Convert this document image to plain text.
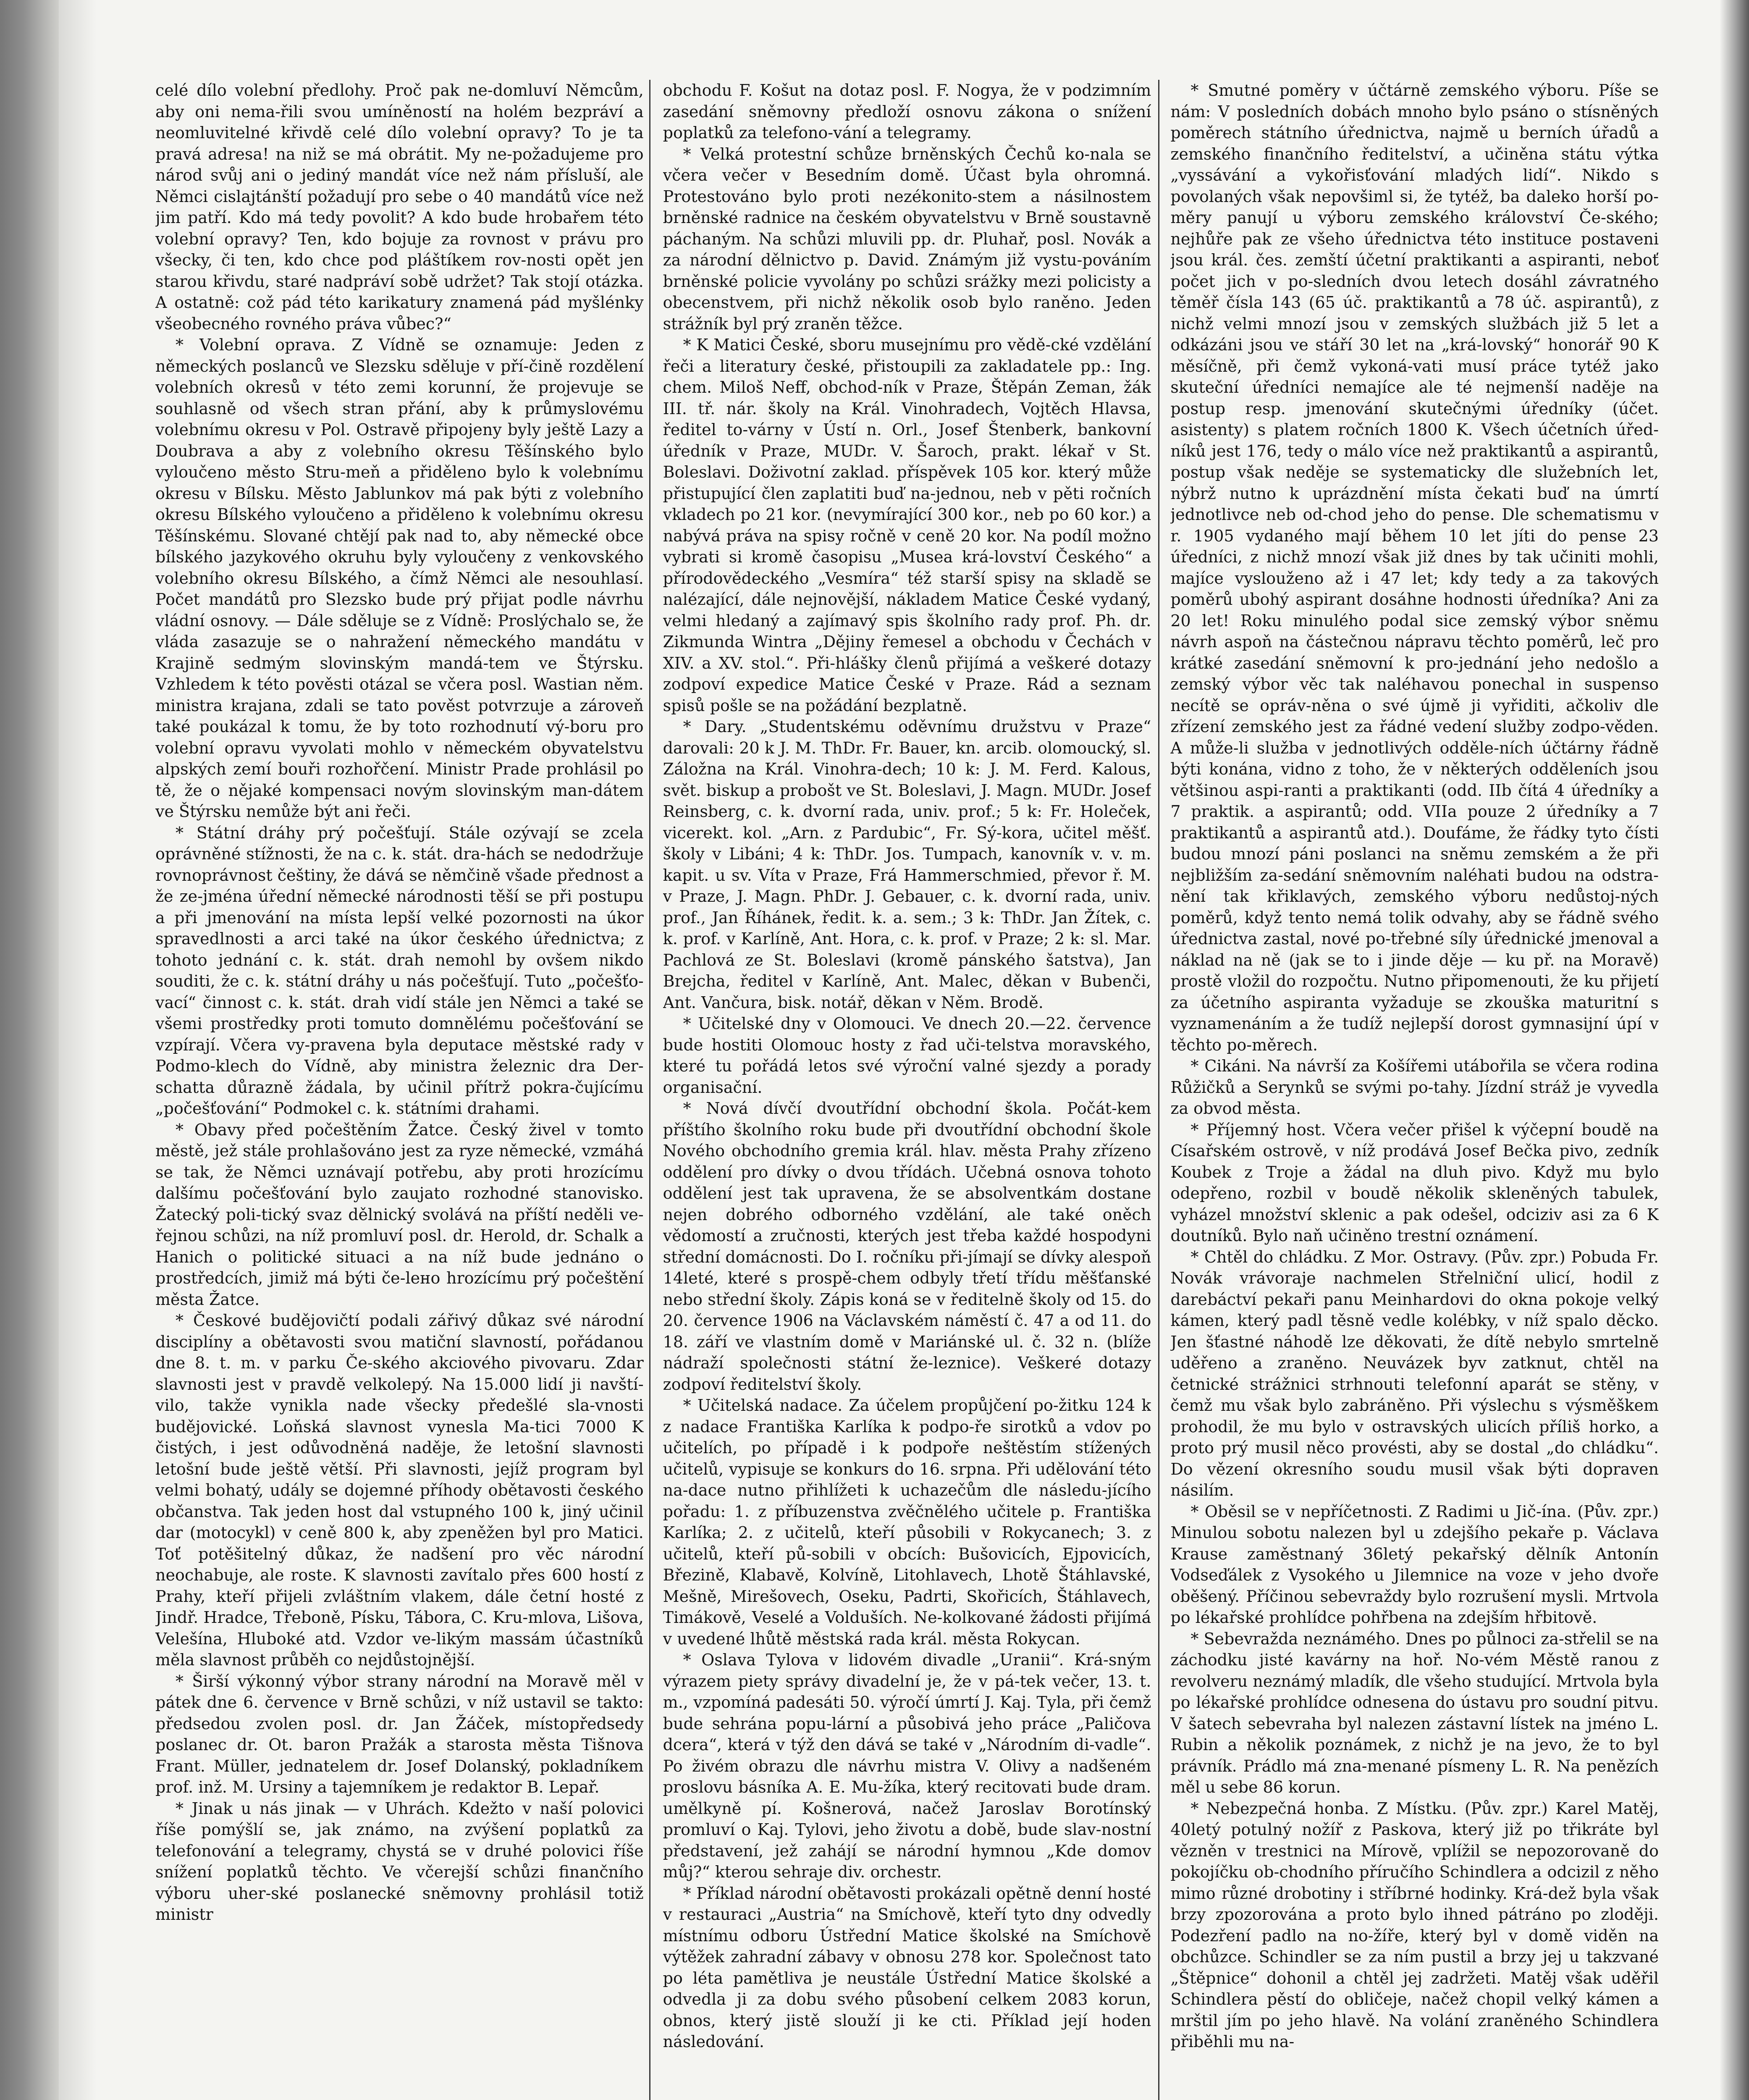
celé dílo volební předlohy. Proč pak ne-domluví Němcům, aby oni nema-řili svou umíněností na holém bezpráví a neomluvitelné křivdě celé dílo volební opravy? To je ta pravá adresa! na niž se má obrátit. My ne-požadujeme pro národ svůj ani o jediný mandát více než nám přísluší, ale Němci cislajtánští požadují pro sebe o 40 mandátů více než jim patří. Kdo má tedy povolit? A kdo bude hrobařem této volební opravy? Ten, kdo bojuje za rovnost v právu pro všecky, či ten, kdo chce pod pláštíkem rov-nosti opět jen starou křivdu, staré nadpráví sobě udržet? Tak stojí otázka. A ostatně: což pád této karikatury znamená pád myšlénky všeobecného rovného práva vůbec?“

* Volební oprava. Z Vídně se oznamuje: Jeden z německých poslanců ve Slezsku sděluje v pří-čině rozdělení volebních okresů v této zemi korunní, že projevuje se souhlasně od všech stran přání, aby k průmyslovému volebnímu okresu v Pol. Ostravě připojeny byly ještě Lazy a Doubrava a aby z volebního okresu Těšínského bylo vyloučeno město Stru-meň a přiděleno bylo k volebnímu okresu v Bílsku. Město Jablunkov má pak býti z volebního okresu Bílského vyloučeno a přiděleno k volebnímu okresu Těšínskému. Slované chtějí pak nad to, aby německé obce bílského jazykového okruhu byly vyloučeny z venkovského volebního okresu Bílského, a čímž Němci ale nesouhlasí. Počet mandátů pro Slezsko bude prý přijat podle návrhu vládní osnovy. — Dále sděluje se z Vídně: Proslýchalo se, že vláda zasazuje se o nahražení německého mandátu v Krajině sedmým slovinským mandá-tem ve Štýrsku. Vzhledem k této pověsti otázal se včera posl. Wastian něm. ministra krajana, zdali se tato pověst potvrzuje a zároveň také poukázal k tomu, že by toto rozhodnutí vý-boru pro volební opravu vyvolati mohlo v německém obyvatelstvu alpských zemí bouři rozhořčení. Ministr Prade prohlásil po tě, že o nějaké kompensaci novým slovinským man-dátem ve Štýrsku nemůže být ani řeči.

* Státní dráhy prý počešťují. Stále ozývají se zcela oprávněné stížnosti, že na c. k. stát. dra-hách se nedodržuje rovnoprávnost češtiny, že dává se němčině všade přednost a že ze-jména úřední německé národnosti těší se při postupu a při jmenování na místa lepší velké pozornosti na úkor spravedlnosti a arci také na úkor českého úřednictva; z tohoto jednání c. k. stát. drah nemohl by ovšem nikdo souditi, že c. k. státní dráhy u nás počešťují. Tuto „počešťo-vací“ činnost c. k. stát. drah vidí stále jen Němci a také se všemi prostředky proti tomuto domnělému počešťování se vzpírají. Včera vy-pravena byla deputace městské rady v Podmo-klech do Vídně, aby ministra železnic dra Der-schatta důrazně žádala, by učinil přítrž pokra-čujícímu „počešťování“ Podmokel c. k. státními drahami.

* Obavy před počeštěním Žatce. Český živel v tomto městě, jež stále prohlašováno jest za ryze německé, vzmáhá se tak, že Němci uznávají potřebu, aby proti hrozícímu dalšímu počešťování bylo zaujato rozhodné stanovisko. Žatecký poli-tický svaz dělnický svolává na příští neděli ve-řejnou schůzi, na níž promluví posl. dr. Herold, dr. Schalk a Hanich o politické situaci a na níž bude jednáno o prostředcích, jimiž má býti če-lено hrozícímu prý počeštění města Žatce.

* Českové budějovičtí podali zářivý důkaz své národní disciplíny a obětavosti svou matiční slavností, pořádanou dne 8. t. m. v parku Če-ského akciového pivovaru. Zdar slavnosti jest v pravdě velkolepý. Na 15.000 lidí ji navští-vilo, takže vynikla nade všecky předešlé sla-vnosti budějovické. Loňská slavnost vynesla Ma-tici 7000 K čistých, i jest odůvodněná naděje, že letošní slavnosti letošní bude ještě větší. Při slavnosti, jejíž program byl velmi bohatý, udály se dojemné příhody obětavosti českého občanstva. Tak jeden host dal vstupného 100 k, jiný učinil dar (motocykl) v ceně 800 k, aby zpeněžen byl pro Matici. Toť potěšitelný důkaz, že nadšení pro věc národní neochabuje, ale roste. K slavnosti zavítalo přes 600 hostí z Prahy, kteří přijeli zvláštním vlakem, dále četní hosté z Jindř. Hradce, Třeboně, Písku, Tábora, C. Kru-mlova, Lišova, Velešína, Hluboké atd. Vzdor ve-likým massám účastníků měla slavnost průběh co nejdůstojnější.

* Širší výkonný výbor strany národní na Moravě měl v pátek dne 6. července v Brně schůzi, v níž ustavil se takto: předsedou zvolen posl. dr. Jan Žáček, místopředsedy poslanec dr. Ot. baron Pražák a starosta města Tišnova Frant. Müller, jednatelem dr. Josef Dolanský, pokladníkem prof. inž. M. Ursiny a tajemníkem je redaktor B. Lepař.

* Jinak u nás jinak — v Uhrách. Kdežto v naší polovici říše pomýšlí se, jak známo, na zvýšení poplatků za telefonování a telegramy, chystá se v druhé polovici říše snížení poplatků těchto. Ve včerejší schůzi finančního výboru uher-ské poslanecké sněmovny prohlásil totiž ministr

obchodu F. Košut na dotaz posl. F. Nogya, že v podzimním zasedání sněmovny předloží osnovu zákona o snížení poplatků za telefono-vání a telegramy.

* Velká protestní schůze brněnských Čechů ko-nala se včera večer v Besedním domě. Účast byla ohromná. Protestováno bylo proti nezékonito-stem a násilnostem brněnské radnice na českém obyvatelstvu v Brně soustavně páchaným. Na schůzi mluvili pp. dr. Pluhař, posl. Novák a za národní dělnictvo p. David. Známým již vystu-pováním brněnské policie vyvolány po schůzi srážky mezi policisty a obecenstvem, při nichž několik osob bylo raněno. Jeden strážník byl prý zraněn těžce.

* K Matici České, sboru musejnímu pro vědě-cké vzdělání řeči a literatury české, přistoupili za zakladatele pp.: Ing. chem. Miloš Neff, obchod-ník v Praze, Štěpán Zeman, žák III. tř. nár. školy na Král. Vinohradech, Vojtěch Hlavsa, ředitel to-várny v Ústí n. Orl., Josef Štenberk, bankovní úředník v Praze, MUDr. V. Šaroch, prakt. lékař v St. Boleslavi. Doživotní zaklad. příspěvek 105 kor. který může přistupující člen zaplatiti buď na-jednou, neb v pěti ročních vkladech po 21 kor. (nevymírající 300 kor., neb po 60 kor.) a nabývá práva na spisy ročně v ceně 20 kor. Na podíl možno vybrati si kromě časopisu „Musea krá-lovství Českého“ a přírodovědeckého „Vesmíra“ též starší spisy na skladě se nalézající, dále nejnovější, nákladem Matice České vydaný, velmi hledaný a zajímavý spis školního rady prof. Ph. dr. Zikmunda Wintra „Dějiny řemesel a obchodu v Čechách v XIV. a XV. stol.“. Při-hlášky členů přijímá a veškeré dotazy zodpoví expedice Matice České v Praze. Rád a seznam spisů pošle se na požádání bezplatně.

* Dary. „Studentskému oděvnímu družstvu v Praze“ darovali: 20 k J. M. ThDr. Fr. Bauer, kn. arcib. olomoucký, sl. Záložna na Král. Vinohra-dech; 10 k: J. M. Ferd. Kalous, svět. biskup a probošt ve St. Boleslavi, J. Magn. MUDr. Josef Reinsberg, c. k. dvorní rada, univ. prof.; 5 k: Fr. Holeček, vicerekt. kol. „Arn. z Pardubic“, Fr. Sý-kora, učitel měšť. školy v Libáni; 4 k: ThDr. Jos. Tumpach, kanovník v. v. m. kapit. u sv. Víta v Praze, Frá Hammerschmied, převor ř. M. v Praze, J. Magn. PhDr. J. Gebauer, c. k. dvorní rada, univ. prof., Jan Říhánek, ředit. k. a. sem.; 3 k: ThDr. Jan Žítek, c. k. prof. v Karlíně, Ant. Hora, c. k. prof. v Praze; 2 k: sl. Mar. Pachlová ze St. Boleslavi (kromě pánského šatstva), Jan Brejcha, ředitel v Karlíně, Ant. Malec, děkan v Bubenči, Ant. Vančura, bisk. notář, děkan v Něm. Brodě.

* Učitelské dny v Olomouci. Ve dnech 20.—22. července bude hostiti Olomouc hosty z řad uči-telstva moravského, které tu pořádá letos své výroční valné sjezdy a porady organisační.

* Nová dívčí dvoutřídní obchodní škola. Počát-kem příštího školního roku bude při dvoutřídní obchodní škole Nového obchodního gremia král. hlav. města Prahy zřízeno oddělení pro dívky o dvou třídách. Učebná osnova tohoto oddělení jest tak upravena, že se absolventkám dostane nejen dobrého odborného vzdělání, ale také oněch vědomostí a zručnosti, kterých jest třeba každé hospodyni střední domácnosti. Do I. ročníku při-jímají se dívky alespoň 14leté, které s prospě-chem odbyly třetí třídu měšťanské nebo střední školy. Zápis koná se v ředitelně školy od 15. do 20. července 1906 na Václavském náměstí č. 47 a od 11. do 18. září ve vlastním domě v Mariánské ul. č. 32 n. (blíže nádraží společnosti státní že-leznice). Veškeré dotazy zodpoví ředitelství školy.

* Učitelská nadace. Za účelem propůjčení po-žitku 124 k z nadace Františka Karlíka k podpo-ře sirotků a vdov po učitelích, po případě i k podpoře neštěstím stížených učitelů, vypisuje se konkurs do 16. srpna. Při udělování této na-dace nutno přihlížeti k uchazečům dle následu-jícího pořadu: 1. z příbuzenstva zvěčnělého učitele p. Františka Karlíka; 2. z učitelů, kteří působili v Rokycanech; 3. z učitelů, kteří pů-sobili v obcích: Bušovicích, Ejpovicích, Březině, Klabavě, Kolvíně, Litohlavech, Lhotě Štáhlavské, Mešně, Mirešovech, Oseku, Padrti, Skořicích, Štáhlavech, Timákově, Veselé a Volduších. Ne-kolkované žádosti přijímá v uvedené lhůtě městská rada král. města Rokycan.

* Oslava Tylova v lidovém divadle „Uranii“. Krá-sným výrazem piety správy divadelní je, že v pá-tek večer, 13. t. m., vzpomíná padesáti 50. výročí úmrtí J. Kaj. Tyla, při čemž bude sehrána popu-lární a působivá jeho práce „Paličova dcera“, která v týž den dává se také v „Národním di-vadle“. Po živém obrazu dle návrhu mistra V. Olivy a nadšeném proslovu básníka A. E. Mu-žíka, který recitovati bude dram. umělkyně pí. Košnerová, načež Jaroslav Borotínský promluví o Kaj. Tylovi, jeho životu a době, bude slav-nostní představení, jež zahájí se národní hymnou „Kde domov můj?“ kterou sehraje div. orchestr.

* Příklad národní obětavosti prokázali opětně denní hosté v restauraci „Austria“ na Smíchově, kteří tyto dny odvedly místnímu odboru Ústřední Matice školské na Smíchově výtěžek zahradní zábavy v obnosu 278 kor. Společnost tato po léta pamětliva je neustále Ústřední Matice školské a odvedla ji za dobu svého působení celkem 2083 korun, obnos, který jistě slouží ji ke cti. Příklad její hoden následování.

* Smutné poměry v účtárně zemského výboru. Píše se nám: V posledních dobách mnoho bylo psáno o stísněných poměrech státního úřednictva, najmě u berních úřadů a zemského finančního ředitelství, a učiněna státu výtka „vyssávání a vykořisťování mladých lidí“. Nikdo s povolaných však nepovšiml si, že tytéž, ba daleko horší po-měry panují u výboru zemského království Če-ského; nejhůře pak ze všeho úřednictva této instituce postaveni jsou král. čes. zemští účetní praktikanti a aspiranti, neboť počet jich v po-sledních dvou letech dosáhl závratného těměř čísla 143 (65 úč. praktikantů a 78 úč. aspirantů), z nichž velmi mnozí jsou v zemských službách již 5 let a odkázáni jsou ve stáří 30 let na „krá-lovský“ honorář 90 K měsíčně, při čemž vykoná-vati musí práce tytéž jako skuteční úředníci nemajíce ale té nejmenší naděje na postup resp. jmenování skutečnými úředníky (účet. asistenty) s platem ročních 1800 K. Všech účetních úřed-níků jest 176, tedy o málo více než praktikantů a aspirantů, postup však neděje se systematicky dle služebních let, nýbrž nutno k uprázdnění místa čekati buď na úmrtí jednotlivce neb od-chod jeho do pense. Dle schematismu v r. 1905 vydaného mají během 10 let jíti do pense 23 úředníci, z nichž mnozí však již dnes by tak učiniti mohli, majíce vyslouženo až i 47 let; kdy tedy a za takových poměrů ubohý aspirant dosáhne hodnosti úředníka? Ani za 20 let! Roku minulého podal sice zemský výbor sněmu návrh aspoň na částečnou nápravu těchto poměrů, leč pro krátké zasedání sněmovní k pro-jednání jeho nedošlo a zemský výbor věc tak naléhavou ponechal in suspenso necítě se opráv-něna o své újmě ji vyřiditi, ačkoliv dle zřízení zemského jest za řádné vedení služby zodpo-věden. A může-li služba v jednotlivých odděle-ních účtárny řádně býti konána, vidno z toho, že v některých odděleních jsou většinou aspi-ranti a praktikanti (odd. IIb čítá 4 úředníky a 7 praktik. a aspirantů; odd. VIIa pouze 2 úředníky a 7 praktikantů a aspirantů atd.). Doufáme, že řádky tyto čísti budou mnozí páni poslanci na sněmu zemském a že při nejbližším za-sedání sněmovním naléhati budou na odstra-nění tak křiklavých, zemského výboru nedůstoj-ných poměrů, když tento nemá tolik odvahy, aby se řádně svého úřednictva zastal, nové po-třebné síly úřednické jmenoval a náklad na ně (jak se to i jinde děje — ku př. na Moravě) prostě vložil do rozpočtu. Nutno připomenouti, že ku přijetí za účetního aspiranta vyžaduje se zkouška maturitní s vyznamenáním a že tudíž nejlepší dorost gymnasijní úpí v těchto po-měrech.

* Cikáni. Na návrší za Košířemi utábořila se včera rodina Růžičků a Serynků se svými po-tahy. Jízdní stráž je vyvedla za obvod města.

* Příjemný host. Včera večer přišel k výčepní boudě na Císařském ostrově, v níž prodává Josef Bečka pivo, zedník Koubek z Troje a žádal na dluh pivo. Když mu bylo odepřeno, rozbil v boudě několik skleněných tabulek, vyházel množství sklenic a pak odešel, odciziv asi za 6 K doutníků. Bylo naň učiněno trestní oznámení.

* Chtěl do chládku. Z Mor. Ostravy. (Pův. zpr.) Pobuda Fr. Novák vrávoraje nachmelen Střelniční ulicí, hodil z darebáctví pekaři panu Meinhardovi do okna pokoje velký kámen, který padl těsně vedle kolébky, v níž spalo děcko. Jen šťastné náhodě lze děkovati, že dítě nebylo smrtelně uděřeno a zraněno. Neuvázek byv zatknut, chtěl na četnické strážnici strhnouti telefonní aparát se stěny, v čemž mu však bylo zabráněno. Při výslechu s výsměškem prohodil, že mu bylo v ostravských ulicích příliš horko, a proto prý musil něco provésti, aby se dostal „do chládku“. Do vězení okresního soudu musil však býti dopraven násilím.

* Oběsil se v nepříčetnosti. Z Radimi u Jič-ína. (Pův. zpr.) Minulou sobotu nalezen byl u zdejšího pekaře p. Václava Krause zaměstnaný 36letý pekařský dělník Antonín Vodseďálek z Vysokého u Jilemnice na voze v jeho dvoře oběšený. Příčinou sebevraždy bylo rozrušení mysli. Mrtvola po lékařské prohlídce pohřbena na zdejším hřbitově.

* Sebevražda neznámého. Dnes po půlnoci za-střelil se na záchodku jisté kavárny na hoř. No-vém Městě ranou z revolveru neznámý mladík, dle všeho studující. Mrtvola byla po lékařské prohlídce odnesena do ústavu pro soudní pitvu. V šatech sebevraha byl nalezen zástavní lístek na jméno L. Rubin a několik poznámek, z nichž je na jevo, že to byl právník. Prádlo má zna-menané písmeny L. R. Na penězích měl u sebe 86 korun.

* Nebezpečná honba. Z Místku. (Pův. zpr.) Karel Matěj, 40letý potulný nožíř z Paskova, který již po třikráte byl vězněn v trestnici na Mírově, vplížil se nepozorovaně do pokojíčku ob-chodního příručího Schindlera a odcizil z něho mimo různé drobotiny i stříbrné hodinky. Krá-dež byla však brzy zpozorována a proto bylo ihned pátráno po zloději. Podezření padlo na no-žíře, který byl v domě viděn na obchůzce. Schindler se za ním pustil a brzy jej u takzvané „Štěpnice“ dohonil a chtěl jej zadržeti. Matěj však uděřil Schindlera pěstí do obličeje, načež chopil velký kámen a mrštil jím po jeho hlavě. Na volání zraněného Schindlera přiběhli mu na-
